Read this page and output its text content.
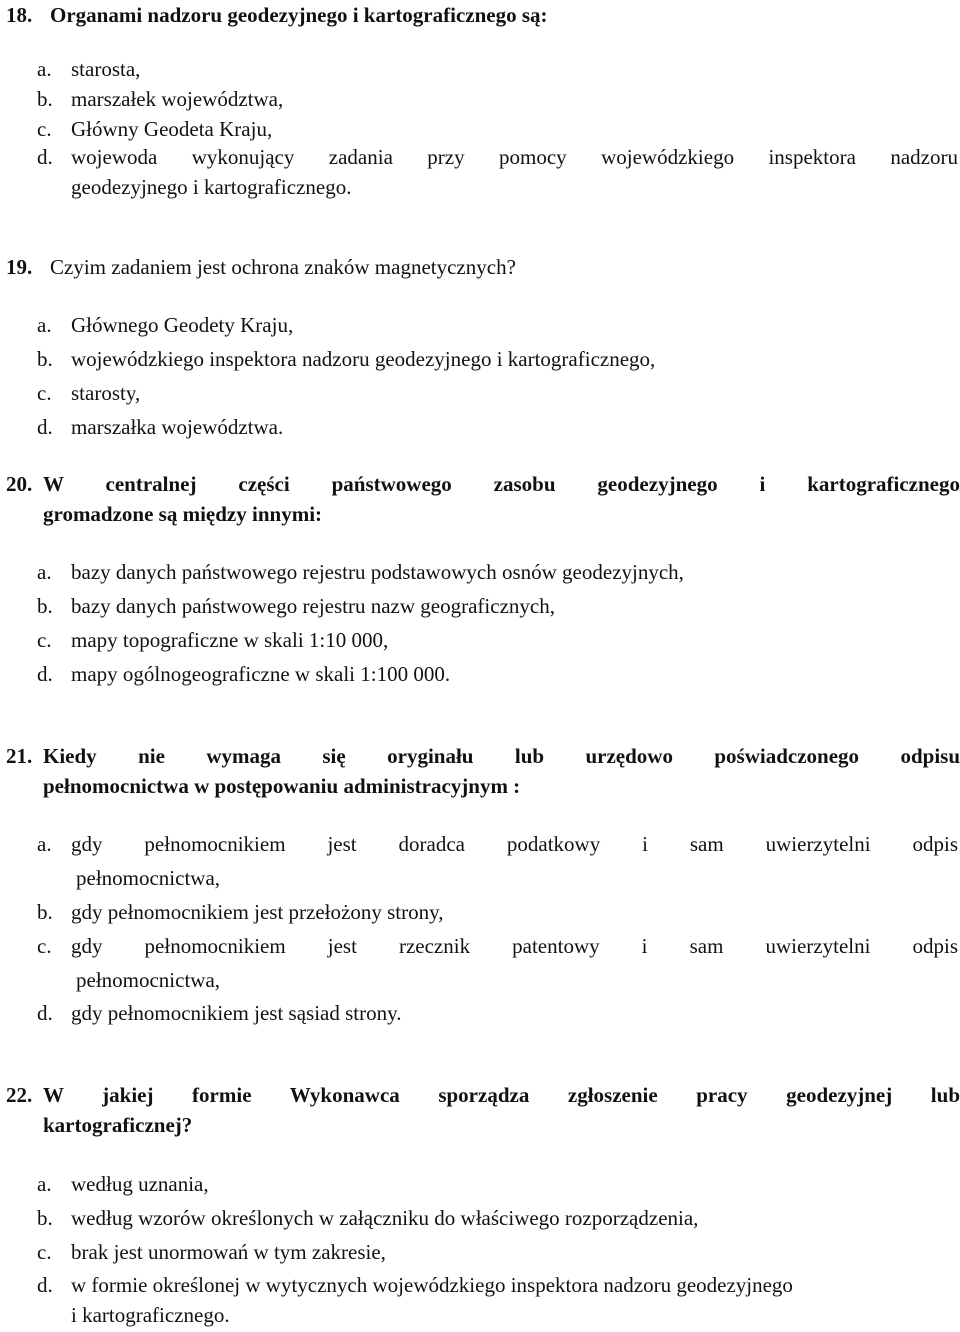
18. Organami nadzoru geodezyjnego i kartograficznego są:
a. starosta,
b. marszałek województwa,
c. Główny Geodeta Kraju,
d. wojewoda wykonujący zadania przy pomocy wojewódzkiego inspektora nadzoru
geodezyjnego i kartograficznego.
19. Czyim zadaniem jest ochrona znaków magnetycznych?
a. Głównego Geodety Kraju,
b. wojewódzkiego inspektora nadzoru geodezyjnego i kartograficznego,
c. starosty,
d. marszałka województwa.
20. W centralnej części państwowego zasobu geodezyjnego i kartograficznego
gromadzone są między innymi:
a. bazy danych państwowego rejestru podstawowych osnów geodezyjnych,
b. bazy danych państwowego rejestru nazw geograficznych,
c. mapy topograficzne w skali 1:10 000,
d. mapy ogólnogeograficzne w skali 1:100 000.
21. Kiedy nie wymaga się oryginału lub urzędowo poświadczonego odpisu
pełnomocnictwa w postępowaniu administracyjnym :
a. gdy pełnomocnikiem jest doradca podatkowy i sam uwierzytelni odpis
pełnomocnictwa,
b. gdy pełnomocnikiem jest przełożony strony,
c. gdy pełnomocnikiem jest rzecznik patentowy i sam uwierzytelni odpis
pełnomocnictwa,
d. gdy pełnomocnikiem jest sąsiad strony.
22. W jakiej formie Wykonawca sporządza zgłoszenie pracy geodezyjnej lub
kartograficznej?
a. według uznania,
b. według wzorów określonych w załączniku do właściwego rozporządzenia,
c. brak jest unormowań w tym zakresie,
d. w formie określonej w wytycznych wojewódzkiego inspektora nadzoru geodezyjnego
i kartograficznego.
